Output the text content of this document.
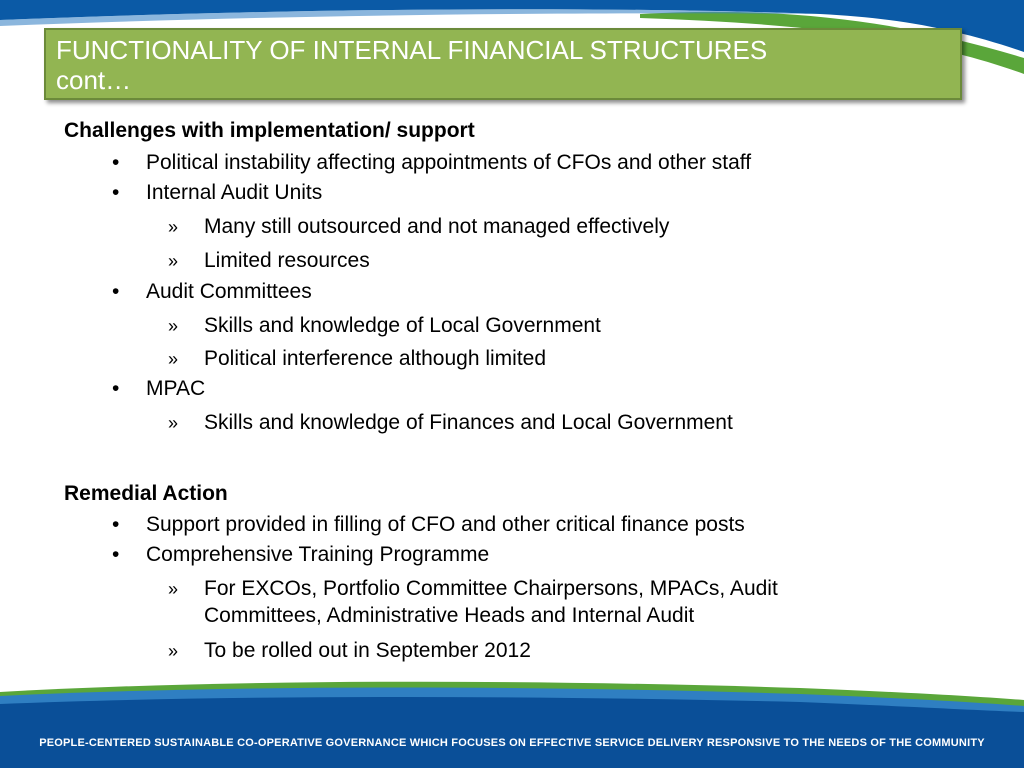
FUNCTIONALITY OF INTERNAL FINANCIAL STRUCTURES
cont…
Challenges with implementation/ support
• Political instability affecting appointments of CFOs and other staff
• Internal Audit Units
» Many still outsourced and not managed effectively
» Limited resources
• Audit Committees
» Skills and knowledge of Local Government
» Political interference although limited
• MPAC
» Skills and knowledge of Finances and Local Government
Remedial Action
• Support provided in filling of CFO and other critical finance posts
• Comprehensive Training Programme
» For EXCOs, Portfolio Committee Chairpersons, MPACs, Audit
Committees, Administrative Heads and Internal Audit
» To be rolled out in September 2012
PEOPLE-CENTERED SUSTAINABLE CO-OPERATIVE GOVERNANCE WHICH FOCUSES ON EFFECTIVE SERVICE DELIVERY RESPONSIVE TO THE NEEDS OF THE COMMUNITY
